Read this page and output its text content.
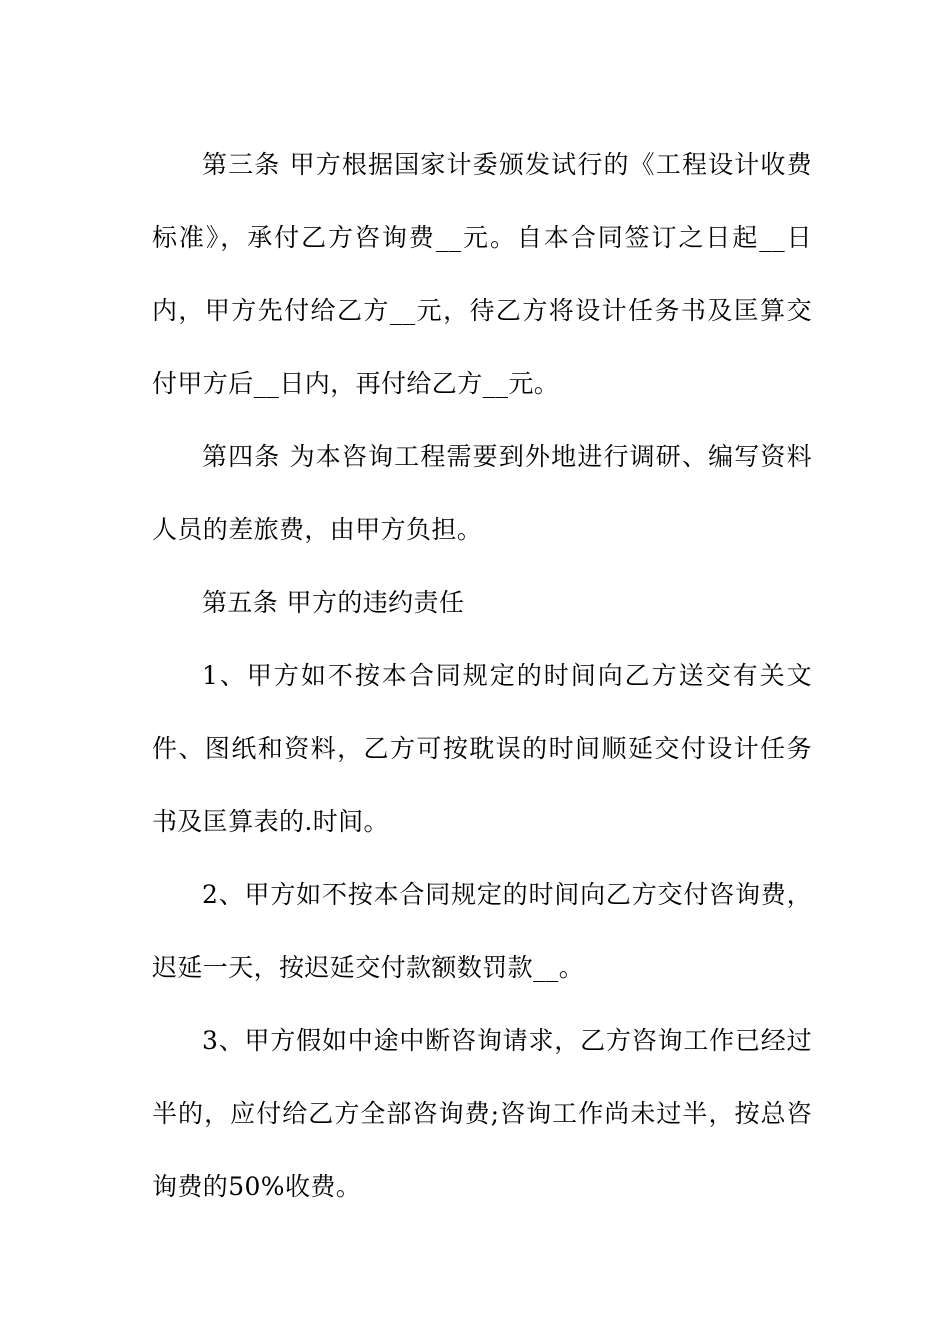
第三条 甲方根据国家计委颁发试行的《工程设计收费标准》，承付乙方咨询费__元。自本合同签订之日起__日内，甲方先付给乙方__元，待乙方将设计任务书及匡算交付甲方后__日内，再付给乙方__元。

第四条 为本咨询工程需要到外地进行调研、编写资料人员的差旅费，由甲方负担。

第五条 甲方的违约责任

1、甲方如不按本合同规定的时间向乙方送交有关文件、图纸和资料，乙方可按耽误的时间顺延交付设计任务书及匡算表的.时间。

2、甲方如不按本合同规定的时间向乙方交付咨询费，迟延一天，按迟延交付款额数罚款__。

3、甲方假如中途中断咨询请求，乙方咨询工作已经过半的，应付给乙方全部咨询费;咨询工作尚未过半，按总咨询费的50%收费。
